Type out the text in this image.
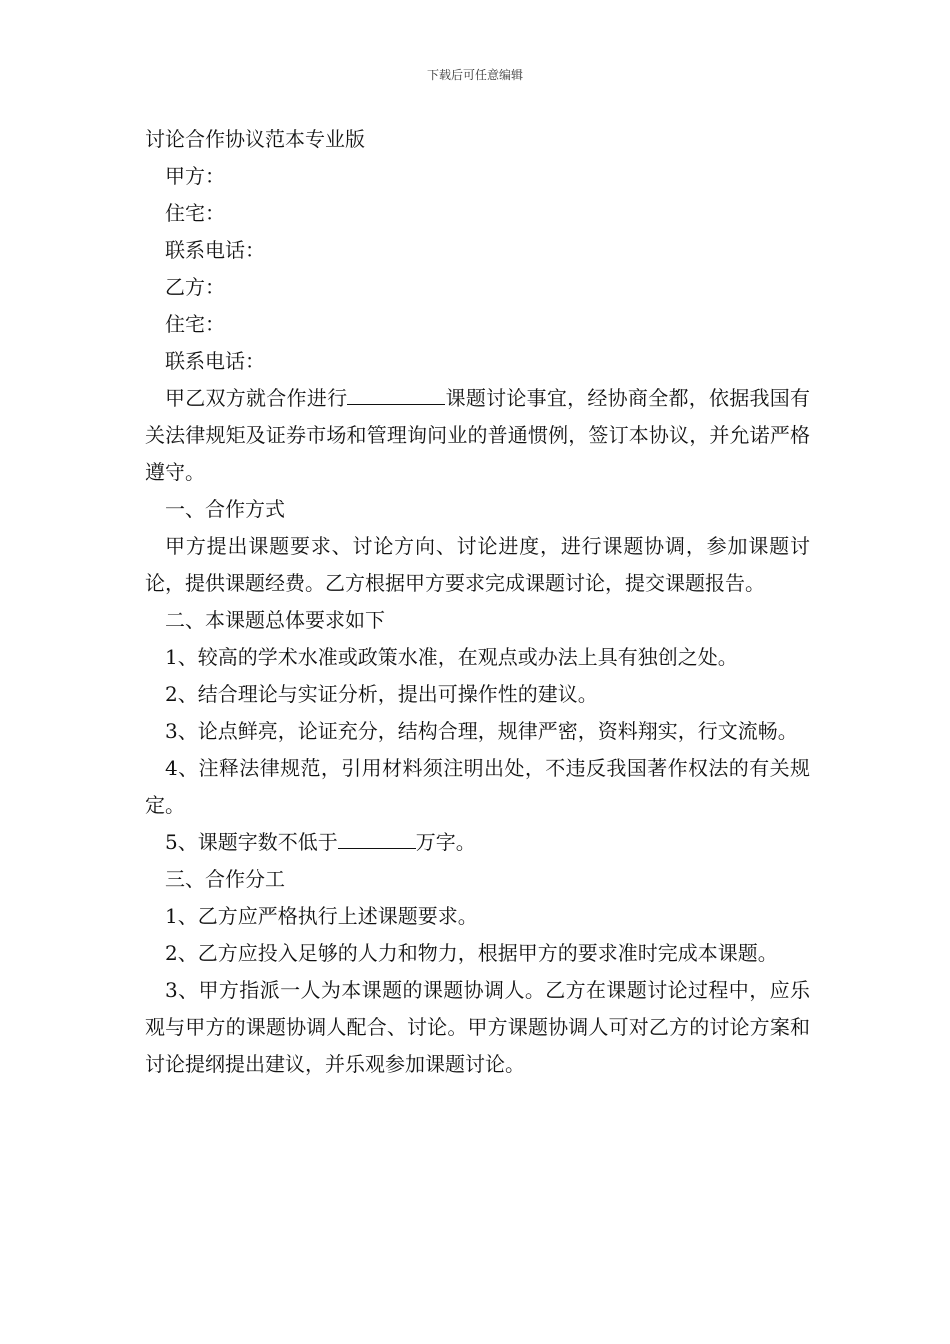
下载后可任意编辑

讨论合作协议范本专业版

甲方：

住宅：

联系电话：

乙方：

住宅：

联系电话：

甲乙双方就合作进行	课题讨论事宜，经协商全都，依据我国有关法律规矩及证券市场和管理询问业的普通惯例，签订本协议，并允诺严格遵守。

一、合作方式

甲方提出课题要求、讨论方向、讨论进度，进行课题协调，参加课题讨论，提供课题经费。乙方根据甲方要求完成课题讨论，提交课题报告。

二、本课题总体要求如下

1、较高的学术水准或政策水准，在观点或办法上具有独创之处。

2、结合理论与实证分析，提出可操作性的建议。

3、论点鲜亮，论证充分，结构合理，规律严密，资料翔实，行文流畅。

4、注释法律规范，引用材料须注明出处，不违反我国著作权法的有关规定。

5、课题字数不低于	万字。

三、合作分工

1、乙方应严格执行上述课题要求。

2、乙方应投入足够的人力和物力，根据甲方的要求准时完成本课题。

3、甲方指派一人为本课题的课题协调人。乙方在课题讨论过程中，应乐观与甲方的课题协调人配合、讨论。甲方课题协调人可对乙方的讨论方案和讨论提纲提出建议，并乐观参加课题讨论。
